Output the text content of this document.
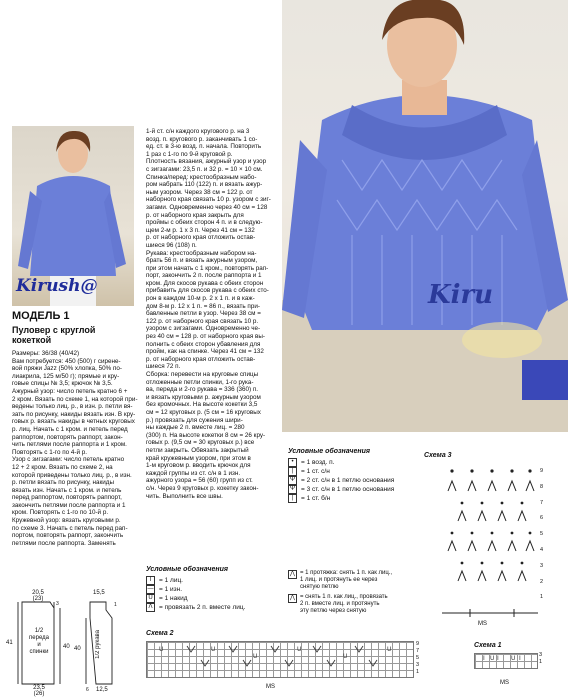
Kiru
Kirush@
МОДЕЛЬ 1
Пуловер с круглой
кокеткой
Размеры: 36/38 (40/42)
Вам потребуется: 450 (500) г сирене-
вой пряжи Jazz (50% хлопка, 50% по-
лиакрила, 125 м/50 г); прямые и кру-
говые спицы № 3,5; крючок № 3,5.
Ажурный узор: число петель кратно 6 +
2 кром. Вязать по схеме 1, на которой при-
ведены только лиц. р., в изн. р. петли вя-
зать по рисунку, накиды вязать изн. В кру-
говых р. вязать накиды в четных круговых
р. лиц. Начать с 1 кром. и петель перед
раппортом, повторять раппорт, закон-
чить петлями после раппорта и 1 кром.
Повторять с 1-го по 4-й р.
Узор с зигзагами: число петель кратно
12 + 2 кром. Вязать по схеме 2, на
которой приведены только лиц. р., в изн.
р. петли вязать по рисунку, накиды
вязать изн. Начать с 1 кром. и петель
перед раппортом, повторять раппорт,
закончить петлями после раппорта и 1
кром. Повторять с 1-го по 10-й р.
Кружевной узор: вязать круговыми р.
по схеме 3. Начать с петель перед рап-
портом, повторять раппорт, закончить
петлями после раппорта. Заменять
1-й ст. с/н каждого кругового р. на 3
возд. п. кругового р. заканчивать 1 со-
ед. ст. в 3-ю возд. п. начала. Повторить
1 раз с 1-го по 9-й круговой р.
Плотность вязания, ажурный узор и узор
с зигзагами: 23,5 п. и 32 р. = 10 × 10 см.
Спинка/перед: крестообразным набо-
ром набрать 110 (122) п. и вязать ажур-
ным узором. Через 38 см = 122 р. от
наборного края связать 10 р. узором с зиг-
загами. Одновременно через 40 см = 128
р. от наборного края закрыть для
проймы с обеих сторон 4 п. и в следую-
щем 2-м р. 1 х 3 п. Через 41 см = 132
р. от наборного края отложить остав-
шиеся 96 (108) п.
Рукава: крестообразным набором на-
брать 56 п. и вязать ажурным узором,
при этом начать с 1 кром., повторять рап-
порт, закончить 2 п. после раппорта и 1
кром. Для скосов рукава с обеих сторон
прибавить для скосов рукава с обеих сто-
рон в каждом 10-м р. 2 х 1 п. и в каж-
дом 8-м р. 12 х 1 п. = 86 п., вязать при-
бавленные петли в узор. Через 38 см =
122 р. от наборного края связать 10 р.
узором с зигзагами. Одновременно че-
рез 40 см = 128 р. от наборного края вы-
полнить с обеих сторон убавления для
пройм, как на спинке. Через 41 см = 132
р. от наборного края отложить остав-
шиеся 72 п.
Сборка: перевести на круговые спицы
отложенные петли спинки, 1-го рука-
ва, переда и 2-го рукава = 336 (360) п.
и вязать круговыми р. ажурным узором
без кромочных. На высоте кокетки 3,5
см = 12 круговых р. (5 см = 16 круговых
р.) провязать для сужения шири-
ны каждые 2 п. вместе лиц. = 280
(300) п. На высоте кокетки 8 см = 26 кру-
говых р. (9,5 см = 30 круговых р.) все
петли закрыть. Обвязать закрытый
край кружевным узором, при этом в
1-м круговом р. вводить крючок для
каждой группы из ст. с/н в 1 изн.
ажурного узора = 56 (60) групп из ст.
с/н. Через 9 круговых р. кокетку закон-
чить. Выполнить все швы.
Условные обозначения
I	= 1 лиц.
— = 1 изн.
U = 1 накид
Λ	= провязать 2 п. вместе лиц.
Условные обозначения
•	= 1 возд. п.
|	= 1 ст. с/н
Ψ = 2 ст. с/н в 1 петлю основания
Ψ = 3 ст. с/н в 1 петлю основания
|	= 1 ст. б/н
⋀ = 1 протяжка: снять 1 п. как лиц.,
1 лиц. и протянуть ее через
снятую петлю
⋀ = снять 1 п. как лиц., провязать
2 п. вместе лиц. и протянуть
эту петлю через снятую
Схема 3
MS
9
8
7
6
5
4
3
2
1
Схема 2
U	U
U
U
U
U
MS
9
7
5
3
1
Схема 1
I U I U I
MS
3
1
20,5
(23)
1/2
переда
и
спинки
23,5
(26)
41
40
3
15,5
1/2 рукава
40
12,5
1
6
